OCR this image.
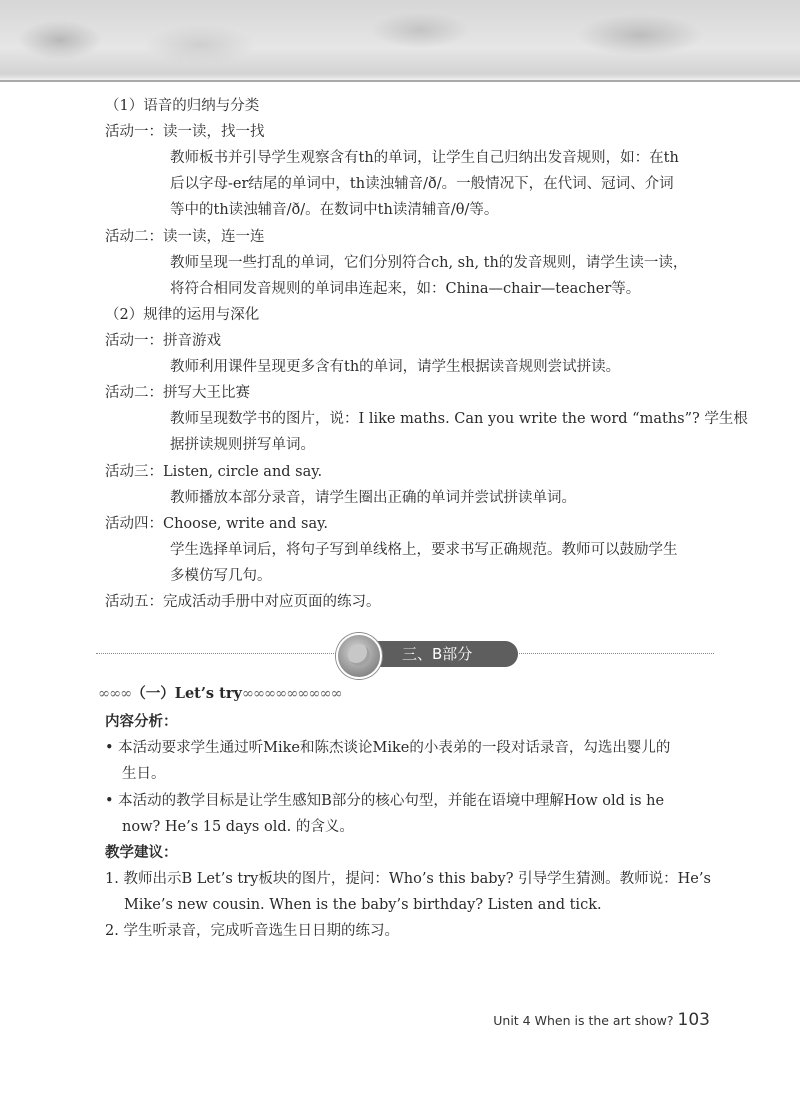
（1）语音的归纳与分类
活动一：读一读，找一找
教师板书并引导学生观察含有th的单词，让学生自己归纳出发音规则，如：在th
后以字母-er结尾的单词中，th读浊辅音/ð/。一般情况下，在代词、冠词、介词
等中的th读浊辅音/ð/。在数词中th读清辅音/θ/等。
活动二：读一读，连一连
教师呈现一些打乱的单词，它们分别符合ch, sh, th的发音规则，请学生读一读，
将符合相同发音规则的单词串连起来，如：China—chair—teacher等。
（2）规律的运用与深化
活动一：拼音游戏
教师利用课件呈现更多含有th的单词，请学生根据读音规则尝试拼读。
活动二：拼写大王比赛
教师呈现数学书的图片，说：I like maths. Can you write the word “maths”? 学生根
据拼读规则拼写单词。
活动三：Listen, circle and say.
教师播放本部分录音，请学生圈出正确的单词并尝试拼读单词。
活动四：Choose, write and say.
学生选择单词后，将句子写到单线格上，要求书写正确规范。教师可以鼓励学生
多模仿写几句。
活动五：完成活动手册中对应页面的练习。
三、B部分
∞∞∞（一）Let’s try∞∞∞∞∞∞∞∞∞
内容分析：
• 本活动要求学生通过听Mike和陈杰谈论Mike的小表弟的一段对话录音，勾选出婴儿的
生日。
• 本活动的教学目标是让学生感知B部分的核心句型，并能在语境中理解How old is he
now? He’s 15 days old. 的含义。
教学建议：
1. 教师出示B Let’s try板块的图片，提问：Who’s this baby? 引导学生猜测。教师说：He’s
Mike’s new cousin. When is the baby’s birthday? Listen and tick.
2. 学生听录音，完成听音选生日日期的练习。
Unit 4 When is the art show? 103
